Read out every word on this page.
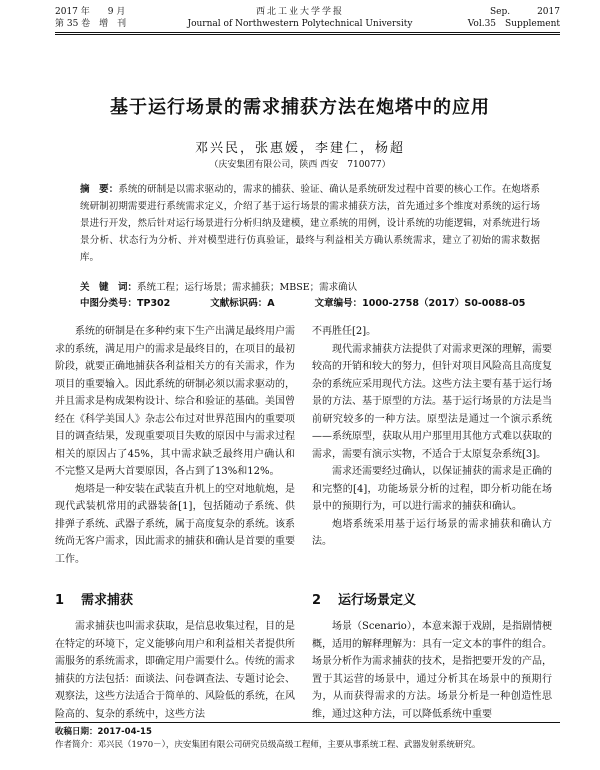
2017 年　　9 月
第 35 卷　增　刊
西北工业大学学报
Journal of Northwestern Polytechnical University
Sep.　　　2017
Vol.35　Supplement
基于运行场景的需求捕获方法在炮塔中的应用
邓兴民，张惠媛，李建仁，杨超
（庆安集团有限公司，陕西 西安　710077）
摘　要：系统的研制是以需求驱动的，需求的捕获、验证、确认是系统研发过程中首要的核心工作。在炮塔系统研制初期需要进行系统需求定义，介绍了基于运行场景的需求捕获方法，首先通过多个维度对系统的运行场景进行开发，然后针对运行场景进行分析归纳及建模，建立系统的用例，设计系统的功能逻辑，对系统进行场景分析、状态行为分析、并对模型进行仿真验证，最终与利益相关方确认系统需求，建立了初始的需求数据库。
关　键　词：系统工程；运行场景；需求捕获；MBSE；需求确认
中图分类号：TP302	文献标识码：A	文章编号：1000-2758（2017）S0-0088-05

系统的研制是在多种约束下生产出满足最终用户需求的系统，满足用户的需求是最终目的，在项目的最初阶段，就要正确地捕获各利益相关方的有关需求，作为项目的重要输入。因此系统的研制必须以需求驱动的，并且需求是构成架构设计、综合和验证的基础。美国曾经在《科学美国人》杂志公布过对世界范围内的重要项目的调查结果，发现重要项目失败的原因中与需求过程相关的原因占了45%，其中需求缺乏最终用户确认和不完整又是两大首要原因，各占到了13%和12%。

炮塔是一种安装在武装直升机上的空对地航炮，是现代武装机常用的武器装备[1]，包括随动子系统、供排弹子系统、武器子系统，属于高度复杂的系统。该系统尚无客户需求，因此需求的捕获和确认是首要的重要工作。

1 需求捕获

需求捕获也叫需求获取，是信息收集过程，目的是在特定的环境下，定义能够向用户和利益相关者提供所需服务的系统需求，即确定用户需要什么。传统的需求捕获的方法包括：面谈法、问卷调查法、专题讨论会、观察法，这些方法适合于简单的、风险低的系统，在风险高的、复杂的系统中，这些方法

不再胜任[2]。

现代需求捕获方法提供了对需求更深的理解，需要较高的开销和较大的努力，但针对项目风险高且高度复杂的系统应采用现代方法。这些方法主要有基于运行场景的方法、基于原型的方法。基于运行场景的方法是当前研究较多的一种方法。原型法是通过一个演示系统——系统原型，获取从用户那里用其他方式难以获取的需求，需要有演示实物，不适合于太原复杂系统[3]。

需求还需要经过确认，以保证捕获的需求是正确的和完整的[4]，功能场景分析的过程，即分析功能在场景中的预期行为，可以进行需求的捕获和确认。

炮塔系统采用基于运行场景的需求捕获和确认方法。

2 运行场景定义

场景（Scenario），本意来源于戏剧，是指剧情梗概，适用的解释理解为：具有一定文本的事件的组合。场景分析作为需求捕获的技术，是指把要开发的产品，置于其运营的场景中，通过分析其在场景中的预期行为，从而获得需求的方法。场景分析是一种创造性思维，通过这种方法，可以降低系统中重要

收稿日期：2017-04-15
作者简介：邓兴民（1970－），庆安集团有限公司研究员级高级工程师，主要从事系统工程、武器发射系统研究。
